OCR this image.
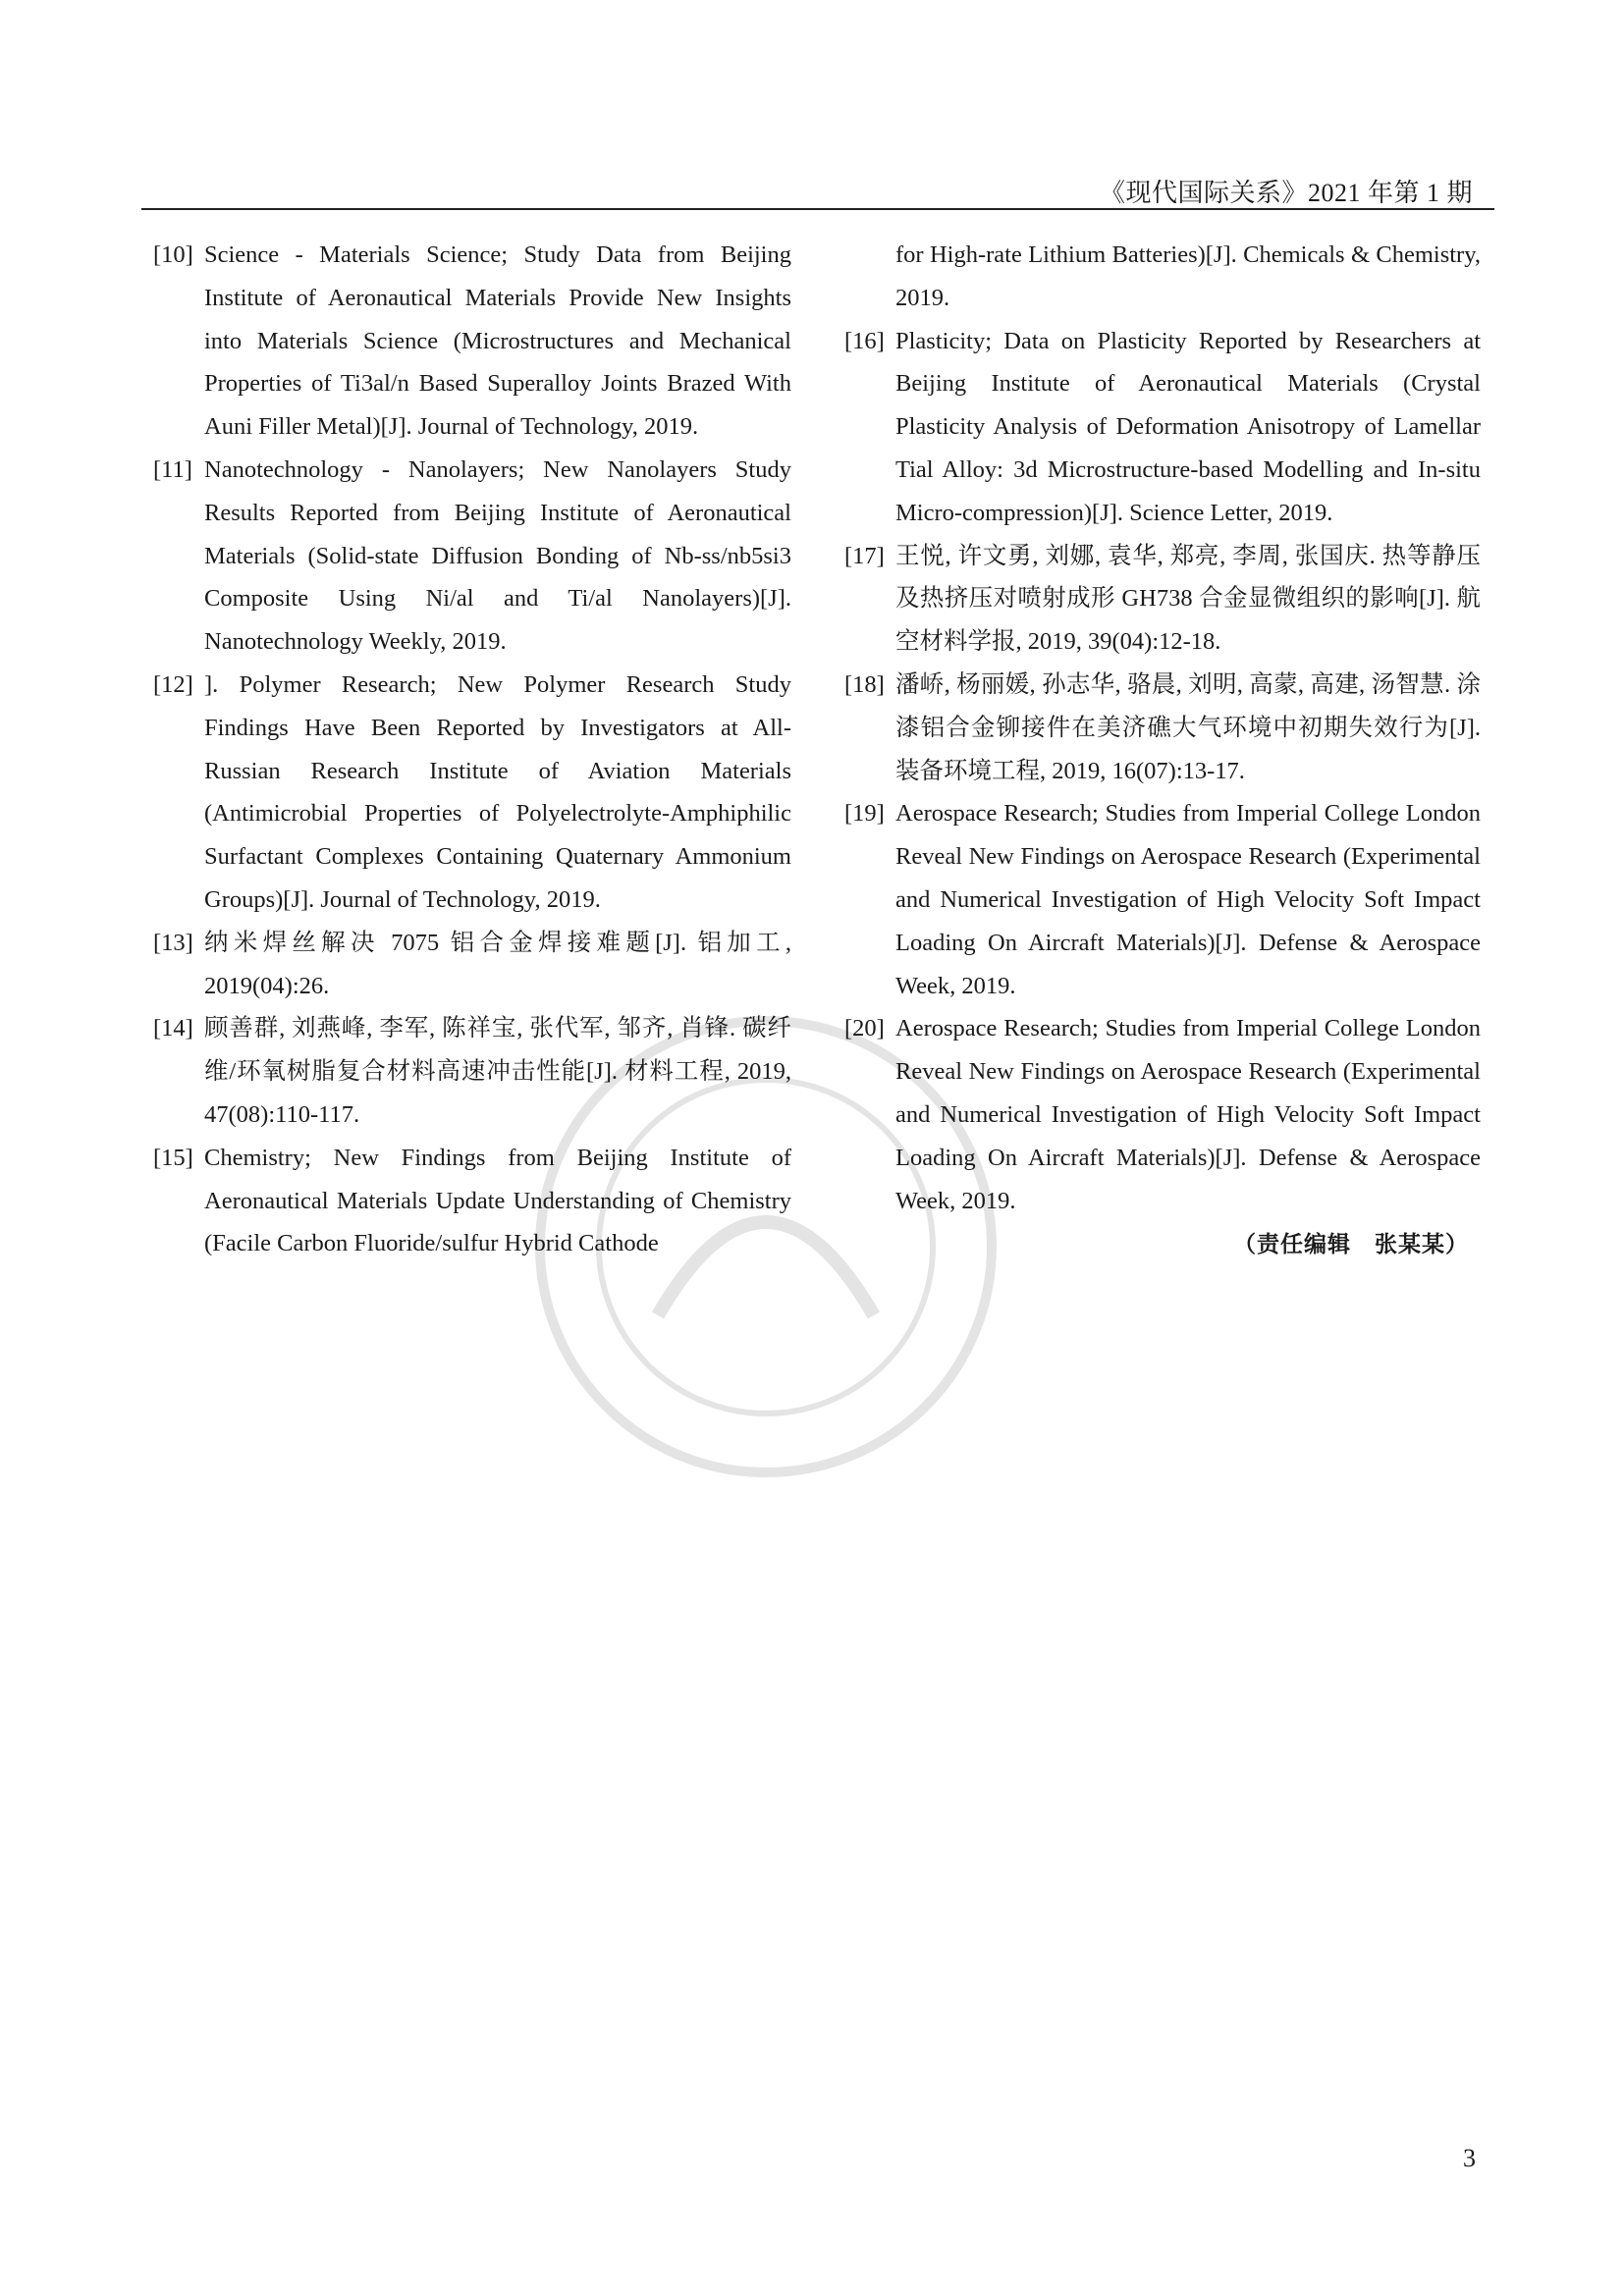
《现代国际关系》2021 年第 1 期
[10] Science - Materials Science; Study Data from Beijing Institute of Aeronautical Materials Provide New Insights into Materials Science (Microstructures and Mechanical Properties of Ti3al/n Based Superalloy Joints Brazed With Auni Filler Metal)[J]. Journal of Technology, 2019.
[11] Nanotechnology - Nanolayers; New Nanolayers Study Results Reported from Beijing Institute of Aeronautical Materials (Solid-state Diffusion Bonding of Nb-ss/nb5si3 Composite Using Ni/al and Ti/al Nanolayers)[J]. Nanotechnology Weekly, 2019.
[12] ]. Polymer Research; New Polymer Research Study Findings Have Been Reported by Investigators at All-Russian Research Institute of Aviation Materials (Antimicrobial Properties of Polyelectrolyte-Amphiphilic Surfactant Complexes Containing Quaternary Ammonium Groups)[J]. Journal of Technology, 2019.
[13] 纳米焊丝解决 7075 铝合金焊接难题[J]. 铝加工, 2019(04):26.
[14] 顾善群, 刘燕峰, 李军, 陈祥宝, 张代军, 邹齐, 肖锋. 碳纤维/环氧树脂复合材料高速冲击性能[J]. 材料工程, 2019, 47(08):110-117.
[15] Chemistry; New Findings from Beijing Institute of Aeronautical Materials Update Understanding of Chemistry (Facile Carbon Fluoride/sulfur Hybrid Cathode
for High-rate Lithium Batteries)[J]. Chemicals & Chemistry, 2019.
[16] Plasticity; Data on Plasticity Reported by Researchers at Beijing Institute of Aeronautical Materials (Crystal Plasticity Analysis of Deformation Anisotropy of Lamellar Tial Alloy: 3d Microstructure-based Modelling and In-situ Micro-compression)[J]. Science Letter, 2019.
[17] 王悦, 许文勇, 刘娜, 袁华, 郑亮, 李周, 张国庆. 热等静压及热挤压对喷射成形 GH738 合金显微组织的影响[J]. 航空材料学报, 2019, 39(04):12-18.
[18] 潘峤, 杨丽媛, 孙志华, 骆晨, 刘明, 高蒙, 高建, 汤智慧. 涂漆铝合金铆接件在美济礁大气环境中初期失效行为[J]. 装备环境工程, 2019, 16(07):13-17.
[19] Aerospace Research; Studies from Imperial College London Reveal New Findings on Aerospace Research (Experimental and Numerical Investigation of High Velocity Soft Impact Loading On Aircraft Materials)[J]. Defense & Aerospace Week, 2019.
[20] Aerospace Research; Studies from Imperial College London Reveal New Findings on Aerospace Research (Experimental and Numerical Investigation of High Velocity Soft Impact Loading On Aircraft Materials)[J]. Defense & Aerospace Week, 2019.
（责任编辑　张某某）
3
